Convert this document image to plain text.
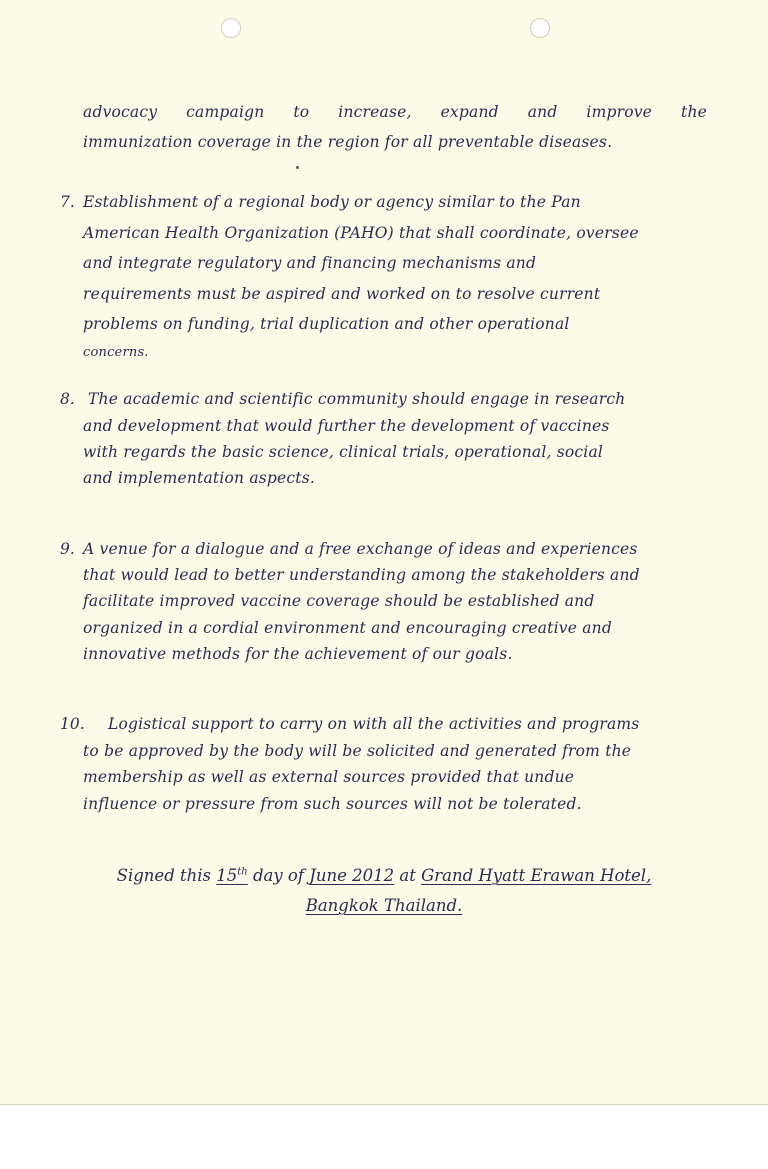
advocacy campaign to increase, expand and improve the

immunization coverage in the region for all preventable diseases.

7. Establishment of a regional body or agency similar to the Pan

American Health Organization (PAHO) that shall coordinate, oversee

and integrate regulatory and financing mechanisms and

requirements must be aspired and worked on to resolve current

problems on funding, trial duplication and other operational

concerns.

8. The academic and scientific community should engage in research

and development that would further the development of vaccines

with regards the basic science, clinical trials, operational, social

and implementation aspects.

9. A venue for a dialogue and a free exchange of ideas and experiences

that would lead to better understanding among the stakeholders and

facilitate improved vaccine coverage should be established and

organized in a cordial environment and encouraging creative and

innovative methods for the achievement of our goals.

10. Logistical support to carry on with all the activities and programs

to be approved by the body will be solicited and generated from the

membership as well as external sources provided that undue

influence or pressure from such sources will not be tolerated.

Signed this 15th day of June 2012 at Grand Hyatt Erawan Hotel,
Bangkok Thailand.
